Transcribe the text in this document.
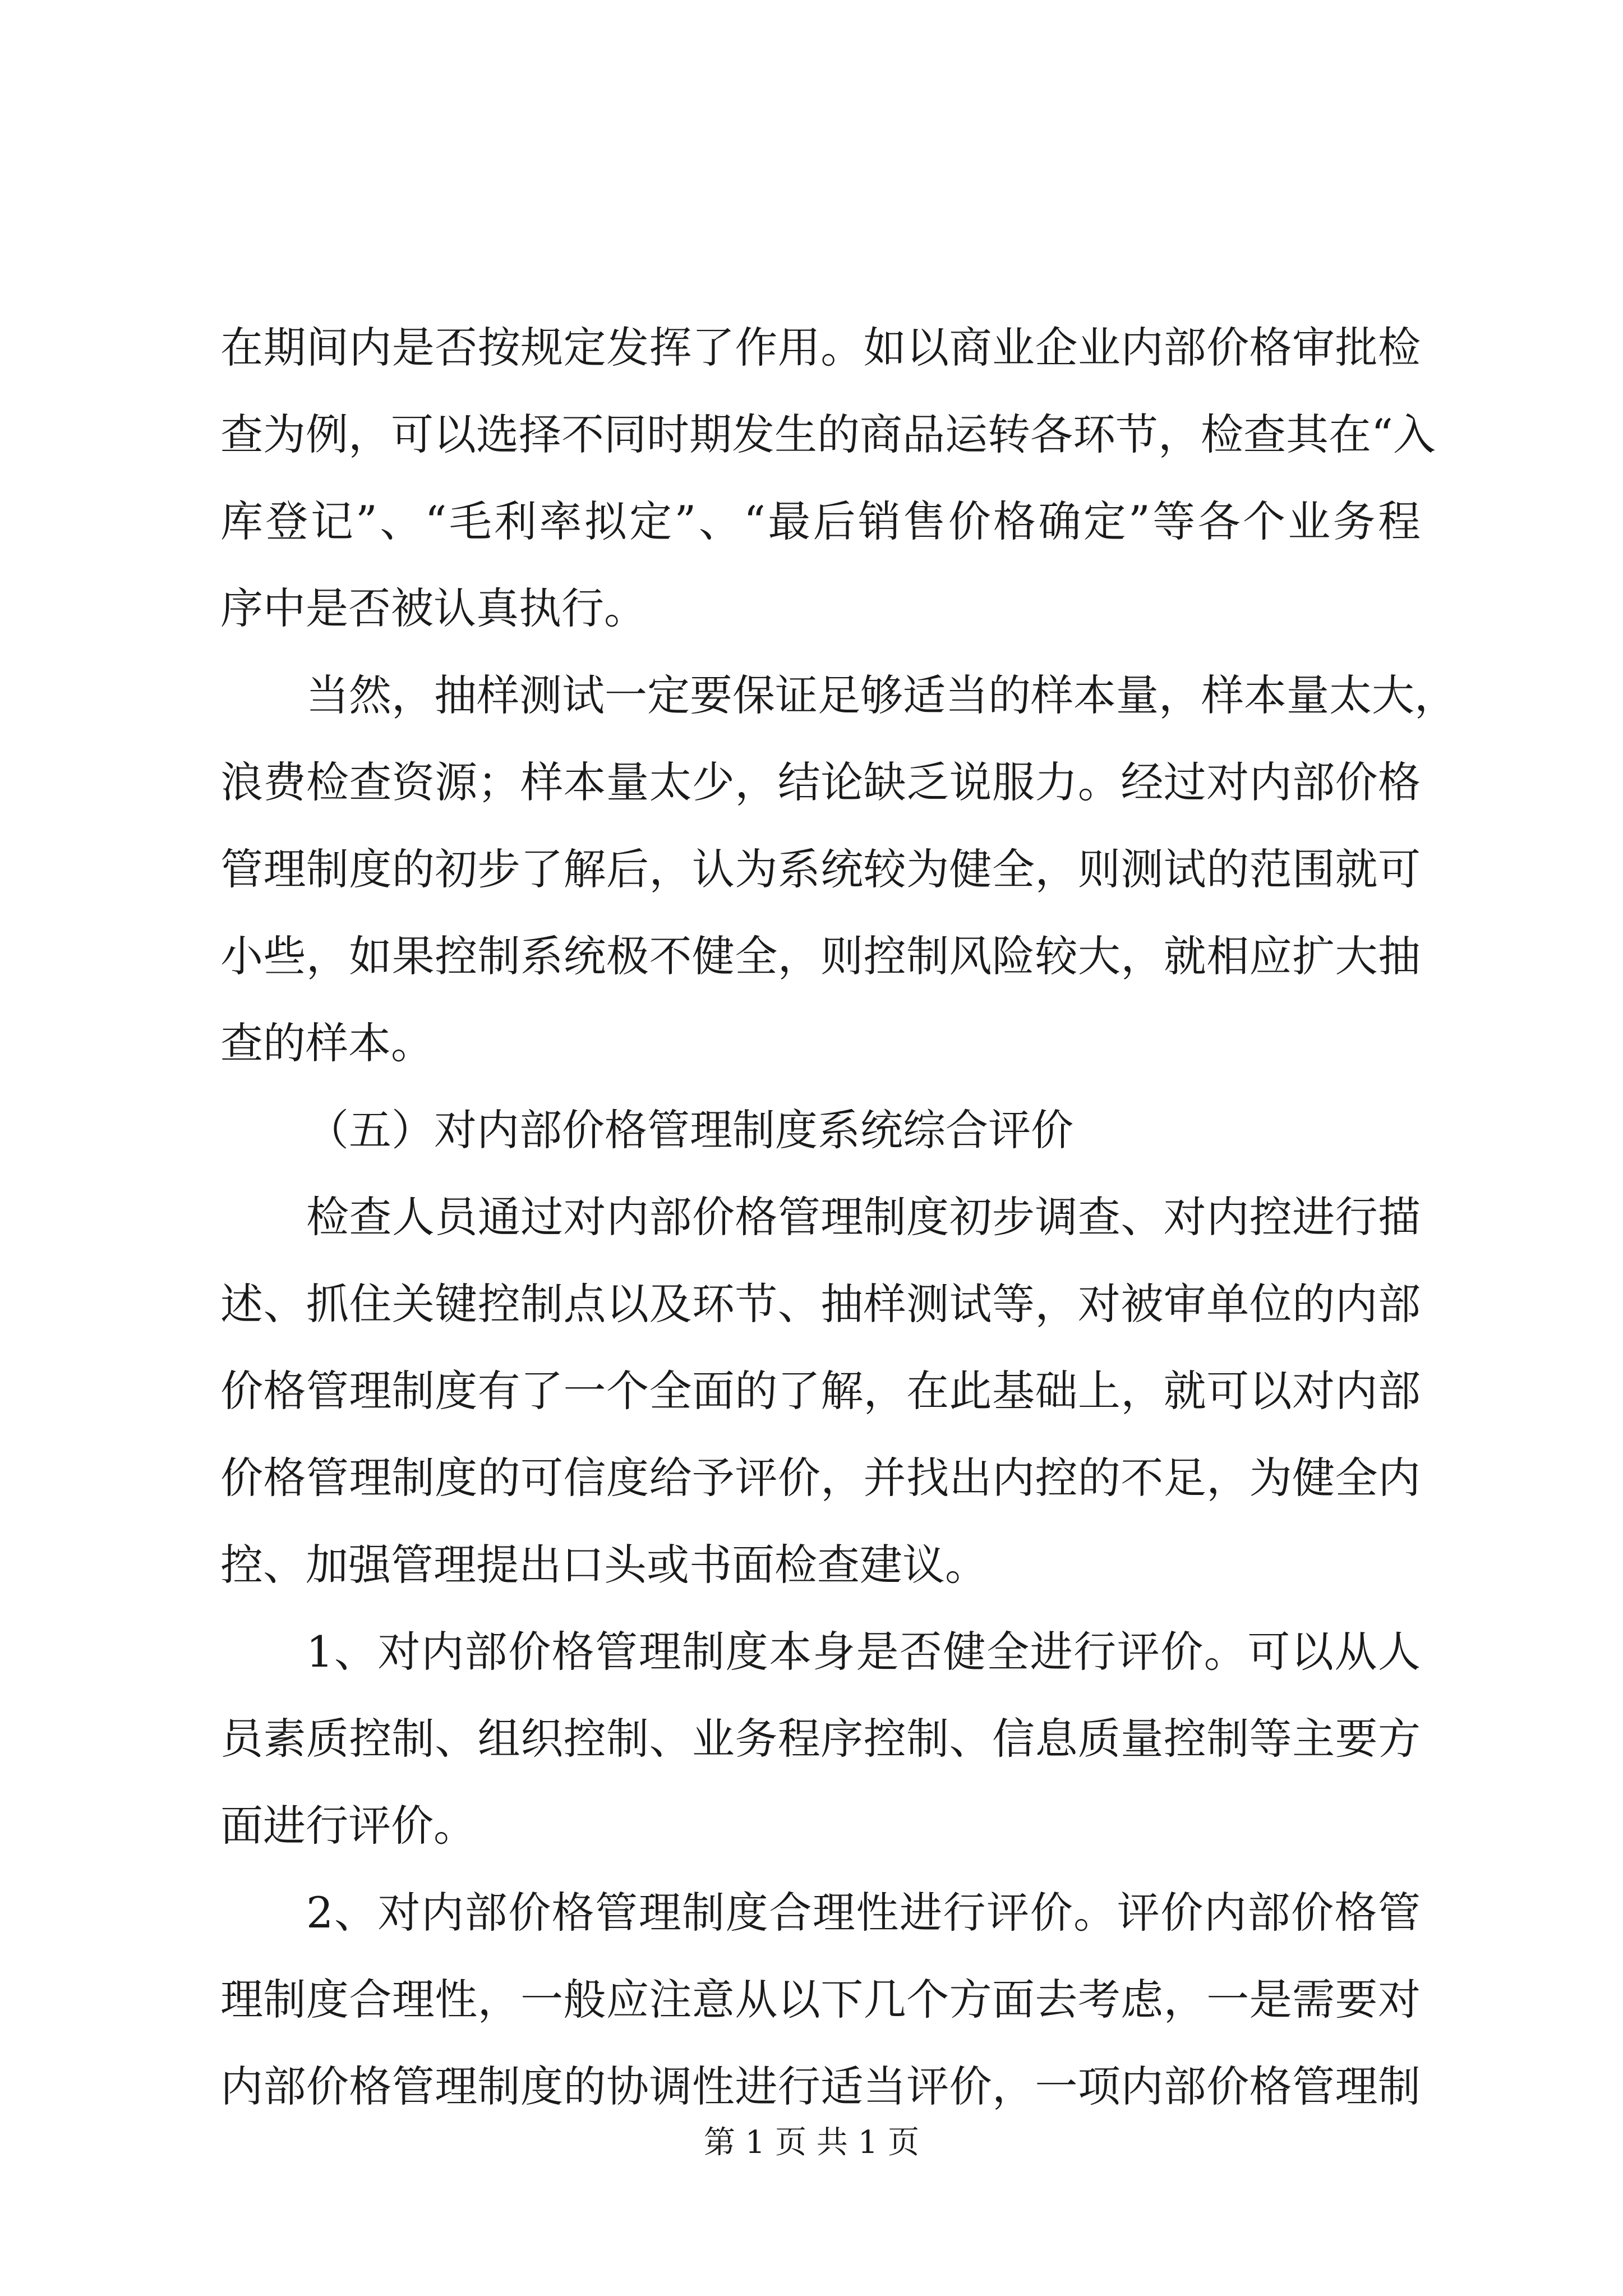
在期间内是否按规定发挥了作用。如以商业企业内部价格审批检
查为例，可以选择不同时期发生的商品运转各环节，检查其在“入
库登记”、“毛利率拟定”、“最后销售价格确定”等各个业务程
序中是否被认真执行。
当然，抽样测试一定要保证足够适当的样本量，样本量太大，
浪费检查资源；样本量太少，结论缺乏说服力。经过对内部价格
管理制度的初步了解后，认为系统较为健全，则测试的范围就可
小些，如果控制系统极不健全，则控制风险较大，就相应扩大抽
查的样本。
（五）对内部价格管理制度系统综合评价
检查人员通过对内部价格管理制度初步调查、对内控进行描
述、抓住关键控制点以及环节、抽样测试等，对被审单位的内部
价格管理制度有了一个全面的了解，在此基础上，就可以对内部
价格管理制度的可信度给予评价，并找出内控的不足，为健全内
控、加强管理提出口头或书面检查建议。
1、对内部价格管理制度本身是否健全进行评价。可以从人
员素质控制、组织控制、业务程序控制、信息质量控制等主要方
面进行评价。
2、对内部价格管理制度合理性进行评价。评价内部价格管
理制度合理性，一般应注意从以下几个方面去考虑，一是需要对
内部价格管理制度的协调性进行适当评价，一项内部价格管理制
第 1 页 共 1 页
